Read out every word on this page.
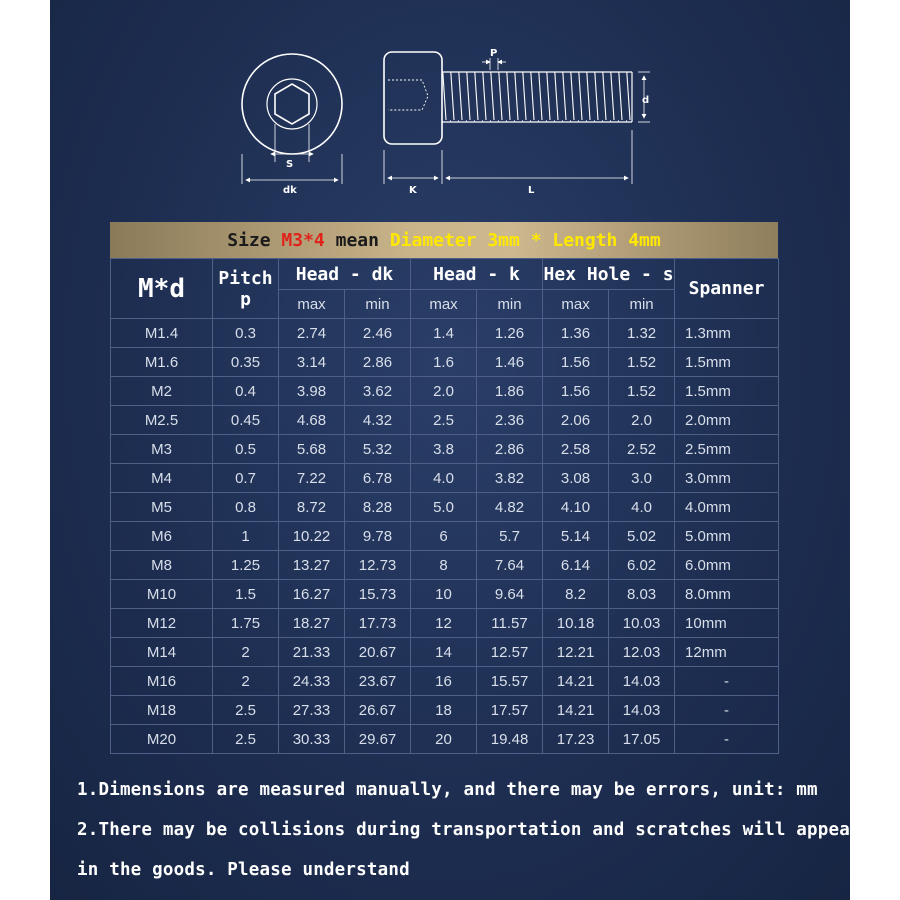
S
dk
P
d
K	L
Size M3*4 mean Diameter 3mm * Length 4mm
M*d	Pitch
p	Head - dk		Head - k		Hex Hole - s		Spanner
		max	min	max	min	max	min	
M1.4	0.3	2.74	2.46	1.4	1.26	1.36	1.32	1.3mm
M1.6	0.35	3.14	2.86	1.6	1.46	1.56	1.52	1.5mm
M2	0.4	3.98	3.62	2.0	1.86	1.56	1.52	1.5mm
M2.5	0.45	4.68	4.32	2.5	2.36	2.06	2.0	2.0mm
M3	0.5	5.68	5.32	3.8	2.86	2.58	2.52	2.5mm
M4	0.7	7.22	6.78	4.0	3.82	3.08	3.0	3.0mm
M5	0.8	8.72	8.28	5.0	4.82	4.10	4.0	4.0mm
M6	1	10.22	9.78	6	5.7	5.14	5.02	5.0mm
M8	1.25	13.27	12.73	8	7.64	6.14	6.02	6.0mm
M10	1.5	16.27	15.73	10	9.64	8.2	8.03	8.0mm
M12	1.75	18.27	17.73	12	11.57	10.18	10.03	10mm
M14	2	21.33	20.67	14	12.57	12.21	12.03	12mm
M16	2	24.33	23.67	16	15.57	14.21	14.03	-
M18	2.5	27.33	26.67	18	17.57	14.21	14.03	-
M20	2.5	30.33	29.67	20	19.48	17.23	17.05	-
1.Dimensions are measured manually, and there may be errors, unit: mm
2.There may be collisions during transportation and scratches will appear
in the goods. Please understand
